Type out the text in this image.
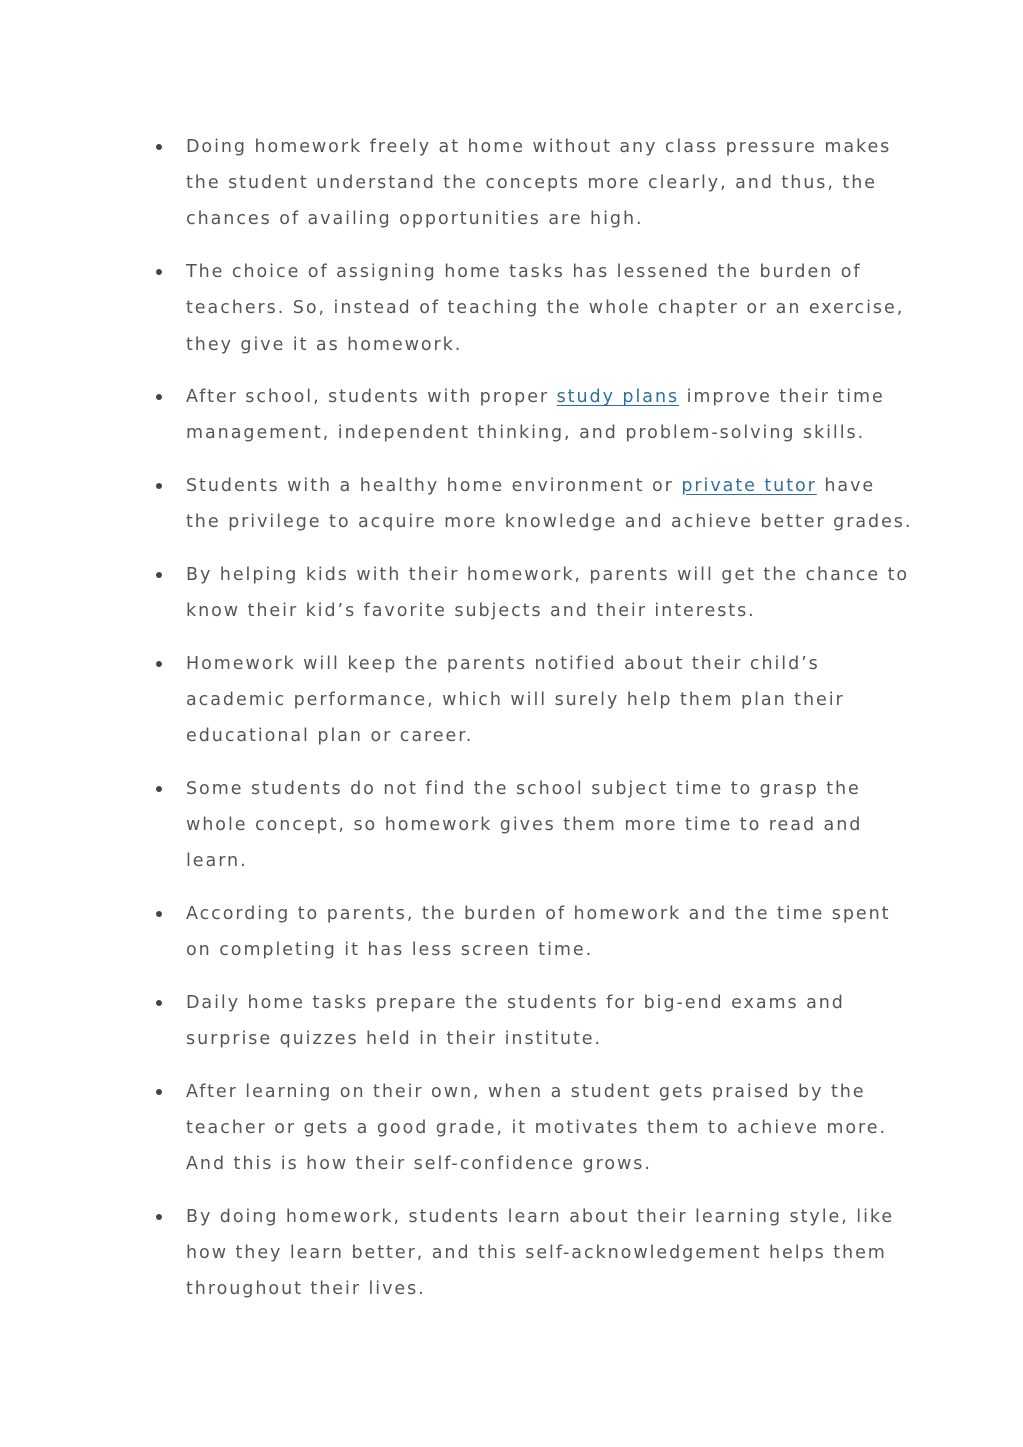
Doing homework freely at home without any class pressure makes the student understand the concepts more clearly, and thus, the chances of availing opportunities are high.
The choice of assigning home tasks has lessened the burden of teachers. So, instead of teaching the whole chapter or an exercise, they give it as homework.
After school, students with proper study plans improve their time management, independent thinking, and problem-solving skills.
Students with a healthy home environment or private tutor have the privilege to acquire more knowledge and achieve better grades.
By helping kids with their homework, parents will get the chance to know their kid’s favorite subjects and their interests.
Homework will keep the parents notified about their child’s academic performance, which will surely help them plan their educational plan or career.
Some students do not find the school subject time to grasp the whole concept, so homework gives them more time to read and learn.
According to parents, the burden of homework and the time spent on completing it has less screen time.
Daily home tasks prepare the students for big-end exams and surprise quizzes held in their institute.
After learning on their own, when a student gets praised by the teacher or gets a good grade, it motivates them to achieve more. And this is how their self-confidence grows.
By doing homework, students learn about their learning style, like how they learn better, and this self-acknowledgement helps them throughout their lives.
